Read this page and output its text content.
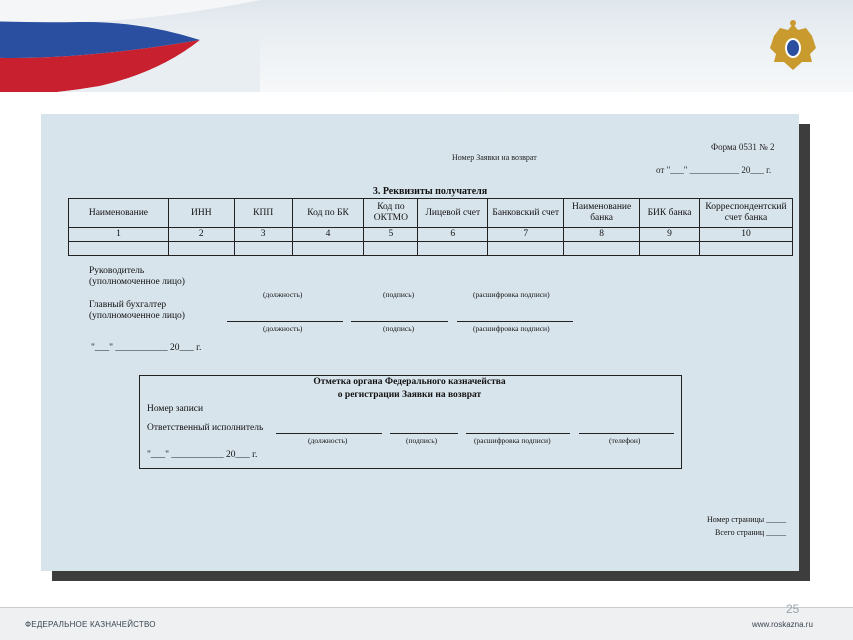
Форма 0531 № 2
Номер Заявки на возврат
от "___" ___________ 20___ г.
3. Реквизиты получателя
Наименование	ИНН	КПП	Код по БК	Код по ОКТМО	Лицевой счет	Банковский счет	Наименование банка	БИК банка	Корреспондентский счет банка
1	2	3	4	5	6	7	8	9	10

Руководитель
(уполномоченное лицо)
(должность)	(подпись)	(расшифровка подписи)
Главный бухгалтер
(уполномоченное лицо)
(должность)	(подпись)	(расшифровка подписи)
"___" ___________ 20___ г.
Отметка органа Федерального казначейства
о регистрации Заявки на возврат
Номер записи
Ответственный исполнитель
(должность)	(подпись)	(расшифровка подписи)	(телефон)
"___" ___________ 20___ г.
Номер страницы _____
Всего страниц _____
25
ФЕДЕРАЛЬНОЕ КАЗНАЧЕЙСТВО	www.roskazna.ru
